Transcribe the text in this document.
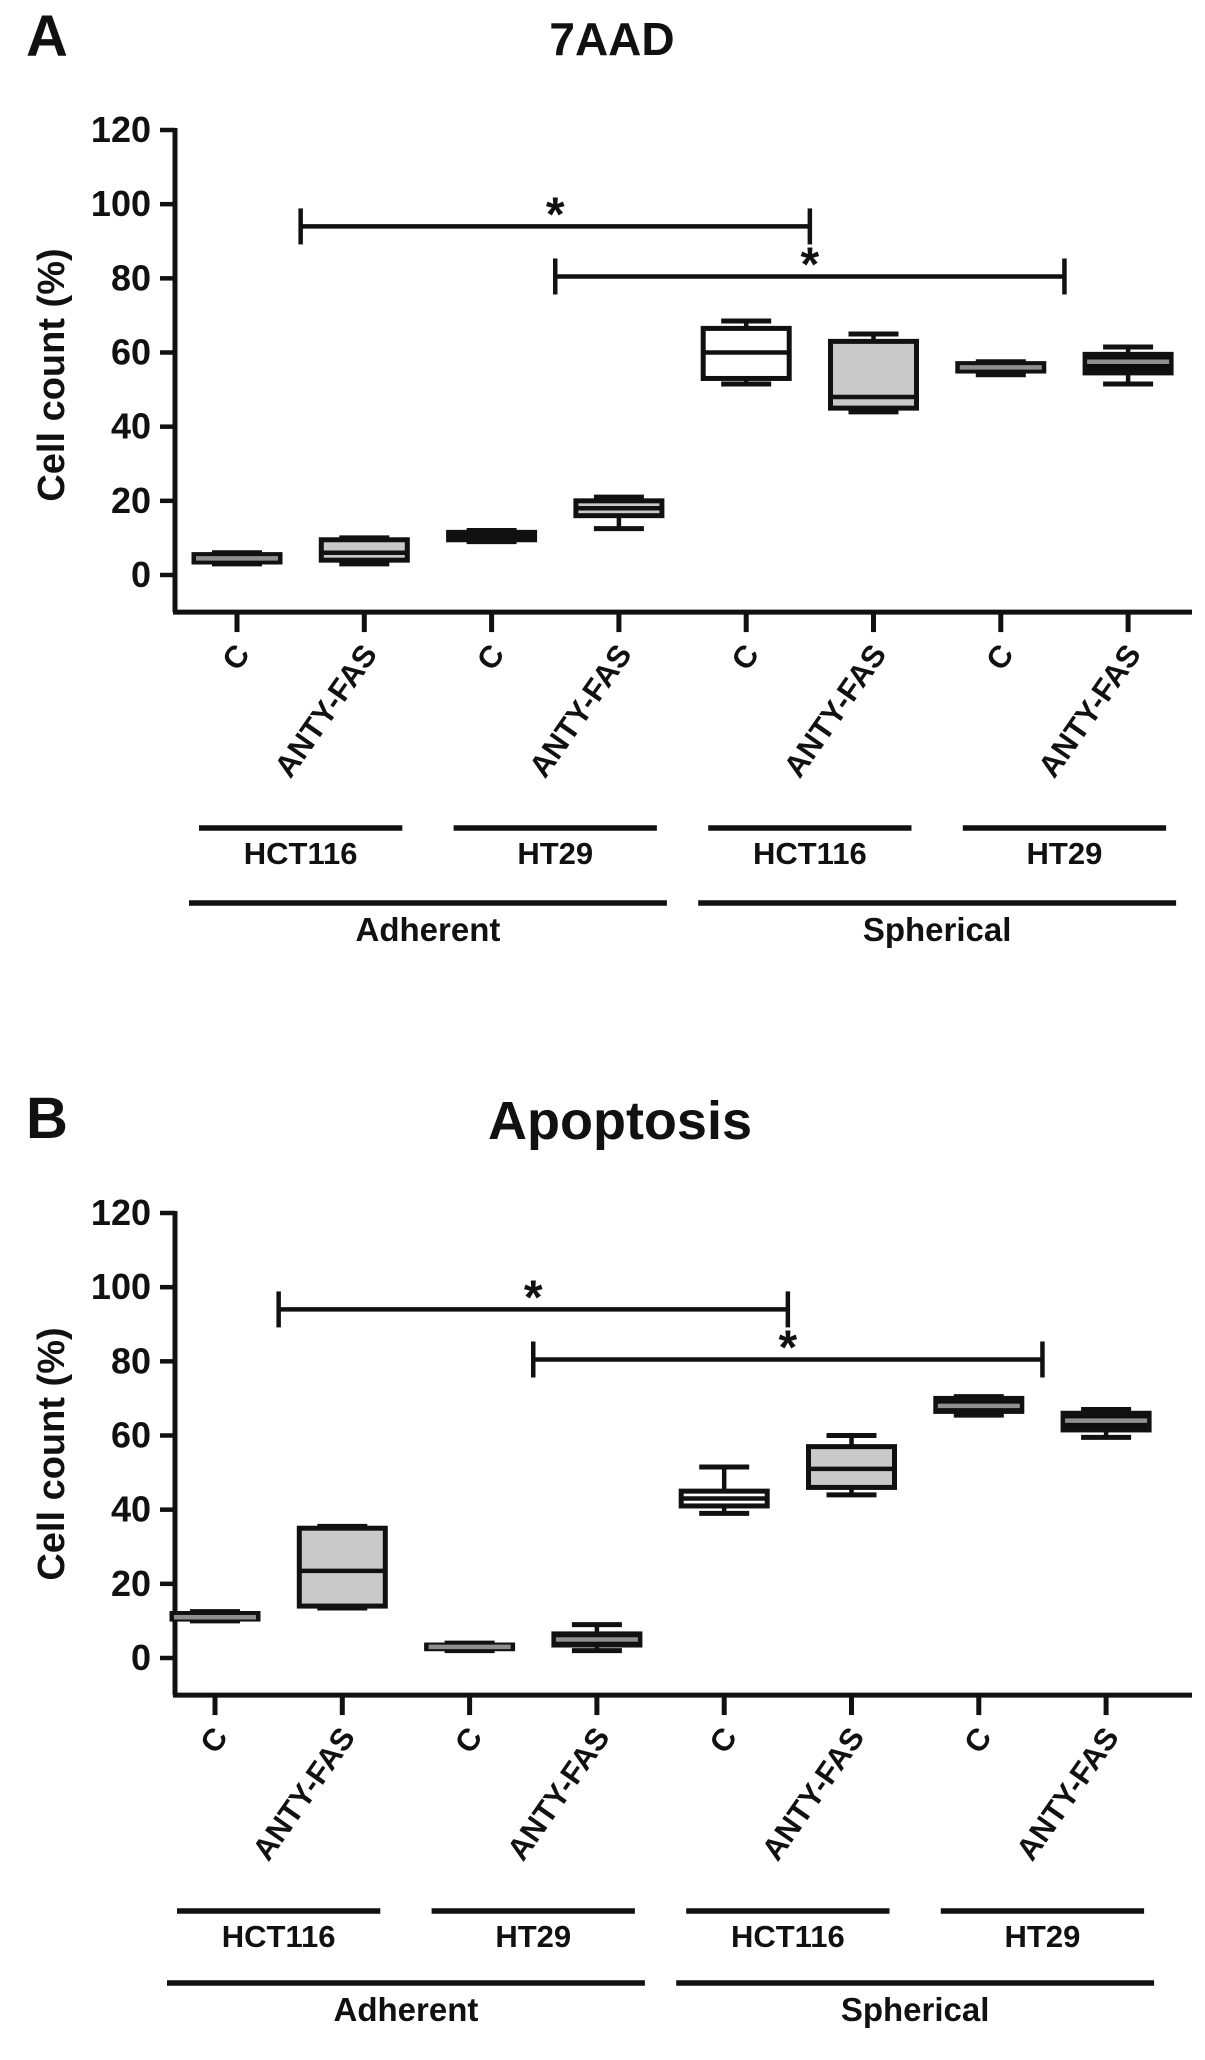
A	7AAD
Cell count (%)
0
20
40
60
80
100
120
*
*
C ANTY-FAS	C ANTY-FAS	C ANTY-FAS	C ANTY-FAS
HCT116	HT29	HCT116	HT29
Adherent	Spherical
B	Apoptosis
Cell count (%)
0
20
40
60
80
100
120
*
*
C ANTY-FAS	C ANTY-FAS	C ANTY-FAS	C ANTY-FAS
HCT116	HT29	HCT116	HT29
Adherent	Spherical
